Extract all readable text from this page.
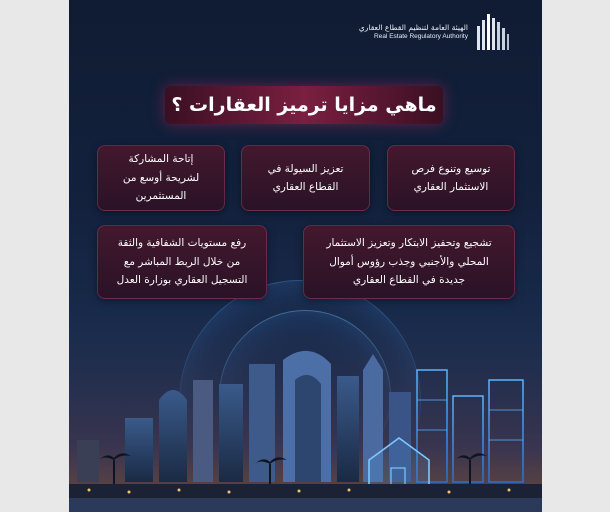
الهيئة العامة لتنظيم القطاع العقاري
Real Estate Regulatory Authority
ماهي مزايا ترميز العقارات ؟
توسيع وتنوع فرص
الاستثمار العقاري
تعزيز السيولة في
القطاع العقاري
إتاحة المشاركة
لشريحة أوسع من
المستثمرين
تشجيع وتحفيز الابتكار وتعزيز الاستثمار
المحلي والأجنبي وجذب رؤوس أموال
جديدة في القطاع العقاري
رفع مستويات الشفافية والثقة
من خلال الربط المباشر مع
التسجيل العقاري بوزارة العدل
